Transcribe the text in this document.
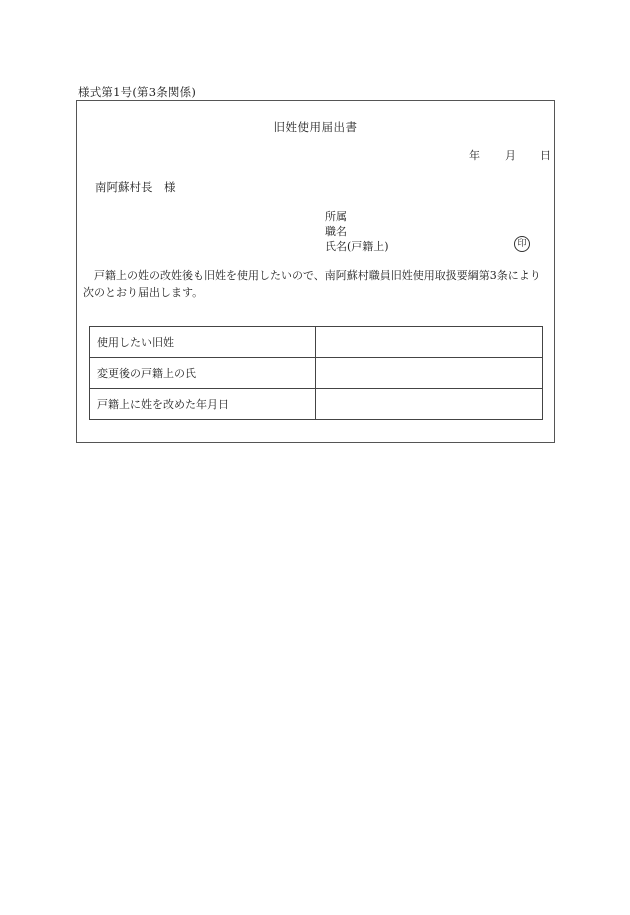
様式第1号(第3条関係)
旧姓使用届出書
年 月 日
南阿蘇村長　様
所属
職名
氏名(戸籍上)	印
戸籍上の姓の改姓後も旧姓を使用したいので、南阿蘇村職員旧姓使用取扱要綱第3条により次のとおり届出します。
使用したい旧姓	
変更後の戸籍上の氏	
戸籍上に姓を改めた年月日	
